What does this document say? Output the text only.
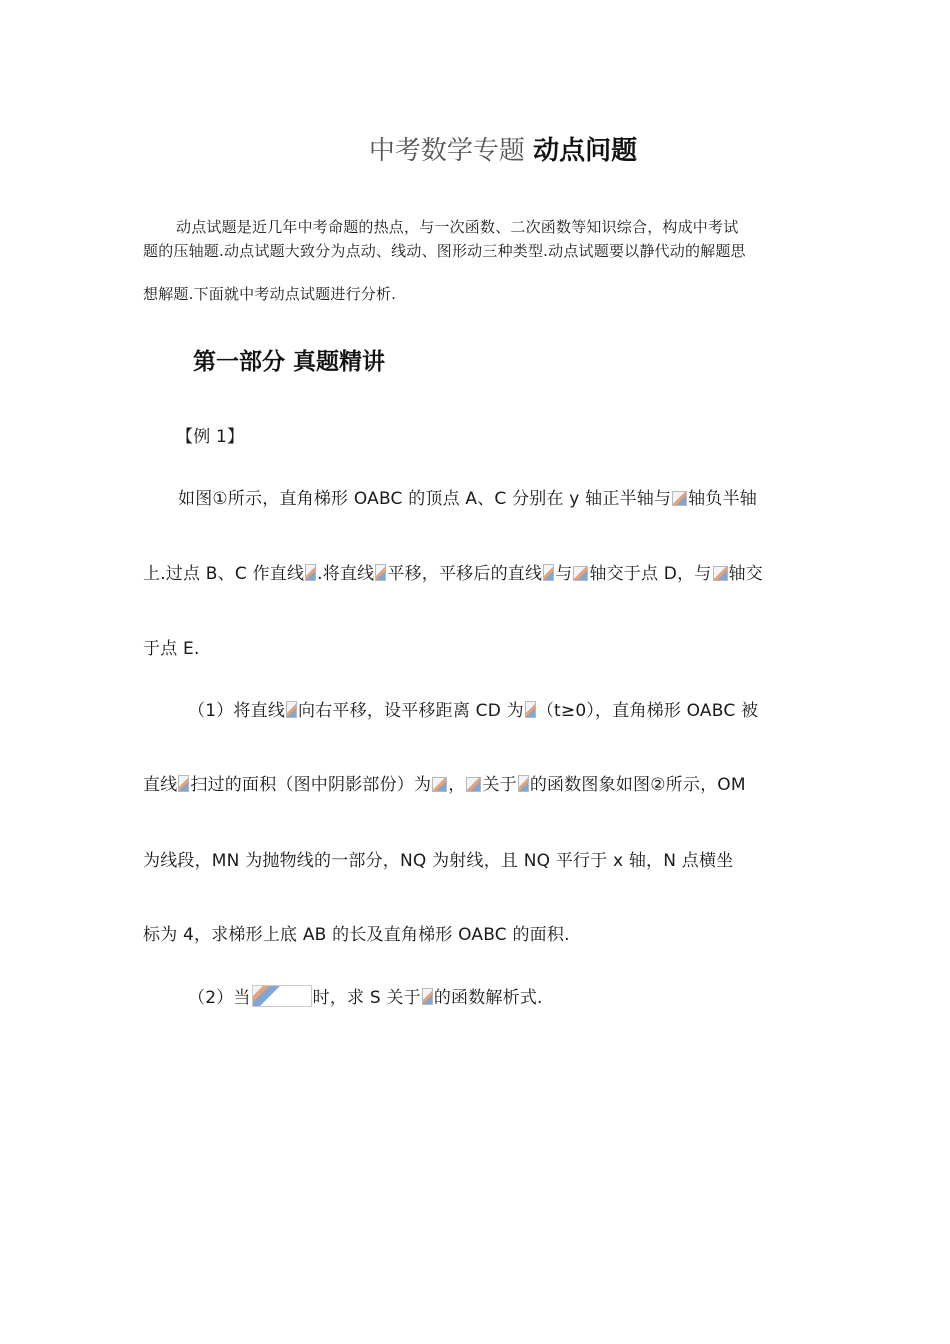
中考数学专题 动点问题
动点试题是近几年中考命题的热点，与一次函数、二次函数等知识综合，构成中考试
题的压轴题.动点试题大致分为点动、线动、图形动三种类型.动点试题要以静代动的解题思
想解题.下面就中考动点试题进行分析.
第一部分 真题精讲
【例 1】
如图①所示，直角梯形 OABC 的顶点 A、C 分别在 y 轴正半轴与 轴负半轴
上.过点 B、C 作直线 .将直线 平移，平移后的直线 与 轴交于点 D，与 轴交
于点 E.
（1）将直线 向右平移，设平移距离 CD 为 （t≥0），直角梯形 OABC 被
直线 扫过的面积（图中阴影部份）为 ， 关于 的函数图象如图②所示，OM
为线段，MN 为抛物线的一部分，NQ 为射线，且 NQ 平行于 x 轴，N 点横坐
标为 4，求梯形上底 AB 的长及直角梯形 OABC 的面积.
（2）当	时，求 S 关于 的函数解析式.
